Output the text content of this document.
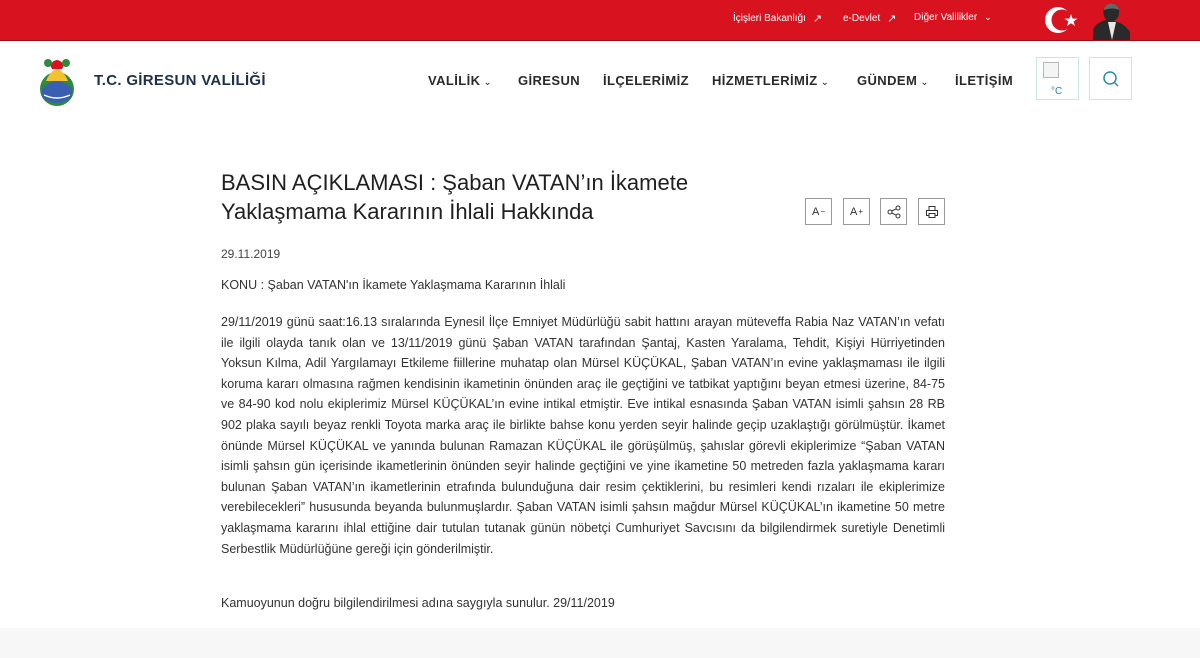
İçişleri Bakanlığı ↗ e-Devlet ↗ Diğer Valilikler ⌄
T.C. GİRESUN VALİLİĞİ	VALİLİK ⌄ GİRESUN İLÇELERİMİZ HİZMETLERİMİZ ⌄ GÜNDEM ⌄ İLETİŞİM
°C
BASIN AÇIKLAMASI : Şaban VATAN’ın İkamete Yaklaşmama Kararının İhlali Hakkında	A − A +
29.11.2019
KONU : Şaban VATAN'ın İkamete Yaklaşmama Kararının İhlali
29/11/2019 günü saat:16.13 sıralarında Eynesil İlçe Emniyet Müdürlüğü sabit hattını arayan müteveffa Rabia Naz VATAN’ın vefatı ile ilgili olayda tanık olan ve 13/11/2019 günü Şaban VATAN tarafından Şantaj, Kasten Yaralama, Tehdit, Kişiyi Hürriyetinden Yoksun Kılma, Adil Yargılamayı Etkileme fiillerine muhatap olan Mürsel KÜÇÜKAL, Şaban VATAN’ın evine yaklaşmaması ile ilgili koruma kararı olmasına rağmen kendisinin ikametinin önünden araç ile geçtiğini ve tatbikat yaptığını beyan etmesi üzerine, 84-75 ve 84-90 kod nolu ekiplerimiz Mürsel KÜÇÜKAL’ın evine intikal etmiştir. Eve intikal esnasında Şaban VATAN isimli şahsın 28 RB 902 plaka sayılı beyaz renkli Toyota marka araç ile birlikte bahse konu yerden seyir halinde geçip uzaklaştığı görülmüştür. İkamet önünde Mürsel KÜÇÜKAL ve yanında bulunan Ramazan KÜÇÜKAL ile görüşülmüş, şahıslar görevli ekiplerimize “Şaban VATAN isimli şahsın gün içerisinde ikametlerinin önünden seyir halinde geçtiğini ve yine ikametine 50 metreden fazla yaklaşmama kararı bulunan Şaban VATAN’ın ikametlerinin etrafında bulunduğuna dair resim çektiklerini, bu resimleri kendi rızaları ile ekiplerimize verebilecekleri” hususunda beyanda bulunmuşlardır. Şaban VATAN isimli şahsın mağdur Mürsel KÜÇÜKAL’ın ikametine 50 metre yaklaşmama kararını ihlal ettiğine dair tutulan tutanak günün nöbetçi Cumhuriyet Savcısını da bilgilendirmek suretiyle Denetimli Serbestlik Müdürlüğüne gereği için gönderilmiştir.
Kamuoyunun doğru bilgilendirilmesi adına saygıyla sunulur. 29/11/2019
